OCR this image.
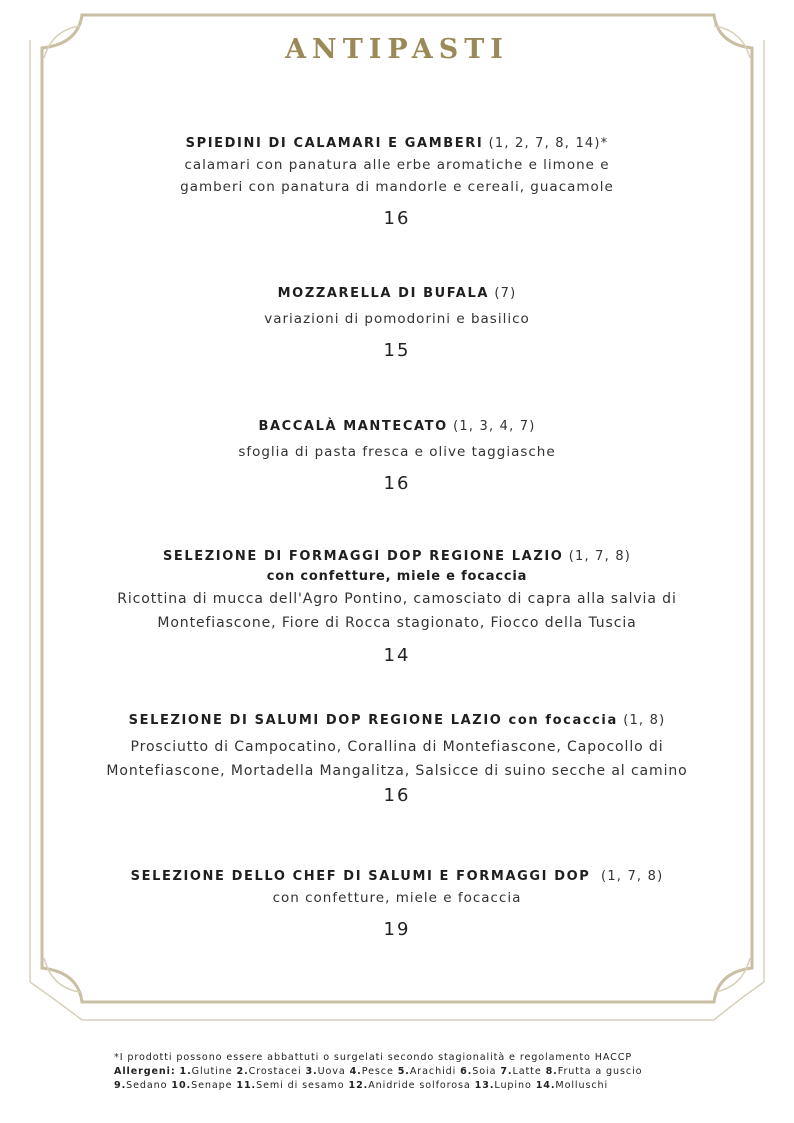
ANTIPASTI
SPIEDINI DI CALAMARI E GAMBERI (1, 2, 7, 8, 14)*
calamari con panatura alle erbe aromatiche e limone e
gamberi con panatura di mandorle e cereali, guacamole
16
MOZZARELLA DI BUFALA (7)
variazioni di pomodorini e basilico
15
BACCALÀ MANTECATO (1, 3, 4, 7)
sfoglia di pasta fresca e olive taggiasche
16
SELEZIONE DI FORMAGGI DOP REGIONE LAZIO (1, 7, 8)
con confetture, miele e focaccia
Ricottina di mucca dell'Agro Pontino, camosciato di capra alla salvia di
Montefiascone, Fiore di Rocca stagionato, Fiocco della Tuscia
14
SELEZIONE DI SALUMI DOP REGIONE LAZIO con focaccia (1, 8)
Prosciutto di Campocatino, Corallina di Montefiascone, Capocollo di
Montefiascone, Mortadella Mangalitza, Salsicce di suino secche al camino
16
SELEZIONE DELLO CHEF DI SALUMI E FORMAGGI DOP  (1, 7, 8)
con confetture, miele e focaccia
19
*I prodotti possono essere abbattuti o surgelati secondo stagionalità e regolamento HACCP
Allergeni: 1.Glutine 2.Crostacei 3.Uova 4.Pesce 5.Arachidi 6.Soia 7.Latte 8.Frutta a guscio
9.Sedano 10.Senape 11.Semi di sesamo 12.Anidride solforosa 13.Lupino 14.Molluschi
